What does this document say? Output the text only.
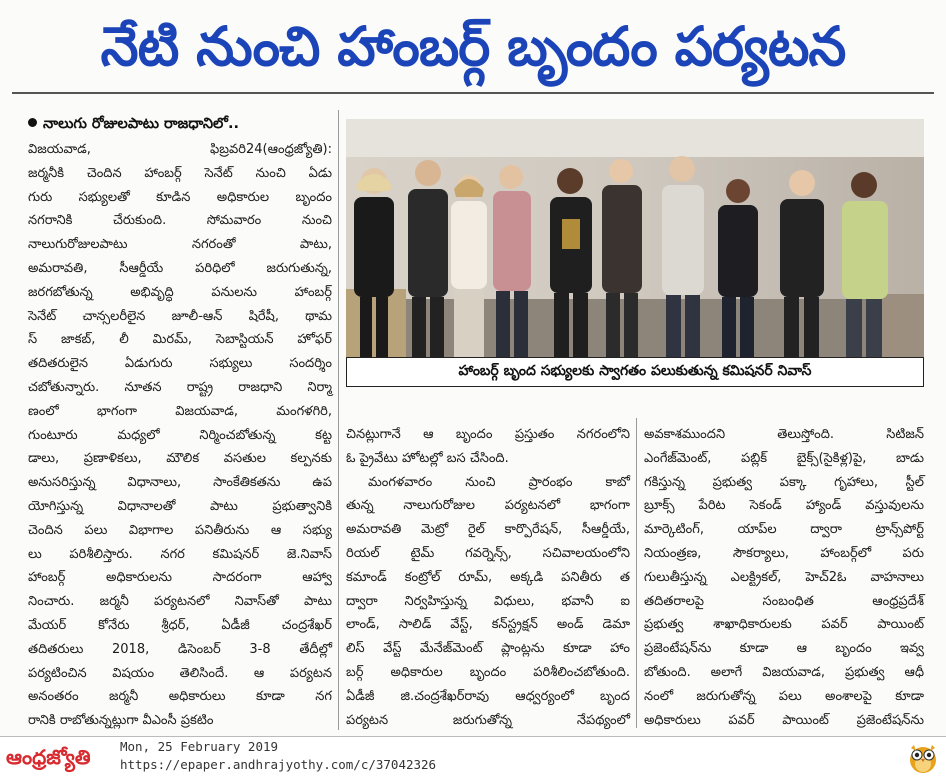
నేటి నుంచి హాంబర్గ్ బృందం పర్యటన
నాలుగు రోజులపాటు రాజధానిలో..
విజయవాడ, ఫిబ్రవరి24(ఆంధ్రజ్యోతి):
జర్మనీకి చెందిన హాంబర్గ్ సెనేట్ నుంచి ఏడు
గురు సభ్యులతో కూడిన అధికారుల బృందం
నగరానికి చేరుకుంది. సోమవారం నుంచి
నాలుగురోజులపాటు నగరంతో పాటు,
అమరావతి, సీఆర్డీయే పరిధిలో జరుగుతున్న,
జరగబోతున్న అభివృద్ధి పనులను హాంబర్గ్
సెనేట్ చాన్సలరీలైన జూలీ-ఆన్ షిరేషీ, థామ
స్ జాకబ్, లీ మిరమ్, సెబాస్టియన్ హోఫర్
తదితరులైన ఏడుగురు సభ్యులు సందర్శిం
చబోతున్నారు. నూతన రాష్ట్ర రాజధాని నిర్మా
ణంలో భాగంగా విజయవాడ, మంగళగిరి,
గుంటూరు మధ్యలో నిర్మించబోతున్న కట్ట
డాలు, ప్రణాళికలు, మౌలిక వసతుల కల్పనకు
అనుసరిస్తున్న విధానాలు, సాంకేతికతను ఉప
యోగిస్తున్న విధానాలతో పాటు ప్రభుత్వానికి
చెందిన పలు విభాగాల పనితీరును ఆ సభ్యు
లు పరిశీలిస్తారు. నగర కమిషనర్ జె.నివాస్
హాంబర్గ్ అధికారులను సాదరంగా ఆహ్వా
నించారు. జర్మనీ పర్యటనలో నివాస్‌తో పాటు
మేయర్ కోనేరు శ్రీధర్, ఏడీజీ చంద్రశేఖర్
తదితరులు 2018, డిసెంబర్ 3-8 తేదీల్లో
పర్యటించిన విషయం తెలిసిందే. ఆ పర్యటన
అనంతరం జర్మనీ అధికారులు కూడా నగ
రానికి రాబోతున్నట్లుగా వీఎంసీ ప్రకటిం
హాంబర్గ్ బృంద సభ్యులకు స్వాగతం పలుకుతున్న కమిషనర్ నివాస్
చినట్లుగానే ఆ బృందం ప్రస్తుతం నగరంలోని
ఓ ప్రైవేటు హోటల్లో బస చేసింది.
మంగళవారం నుంచి ప్రారంభం కాబో
తున్న నాలుగురోజుల పర్యటనలో భాగంగా
అమరావతి మెట్రో రైల్ కార్పొరేషన్, సీఆర్డీయే,
రియల్ టైమ్ గవర్నెన్స్, సచివాలయంలోని
కమాండ్ కంట్రోల్ రూమ్, అక్కడి పనితీరు త
ద్వారా నిర్వహిస్తున్న విధులు, భవానీ ఐ
లాండ్, సాలిడ్ వేస్ట్, కన్‌స్ట్రక్షన్ అండ్ డెమా
లిస్ వేస్ట్ మేనేజ్‌మెంట్ ప్లాంట్లను కూడా హాం
బర్గ్ అధికారుల బృందం పరిశీలించబోతుంది.
ఏడీజీ జి.చంద్రశేఖర్‌రావు ఆధ్వర్యంలో బృంద
పర్యటన జరుగుతోన్న నేపథ్యంలో
అవకాశముందని తెలుస్తోంది. సిటిజన్
ఎంగేజ్‌మెంట్, పబ్లిక్ బైక్స్(సైకిళ్ల)పై, బాడు
గకిస్తున్న ప్రభుత్వ పక్కా గృహాలు, స్టీల్
బ్రూక్స్ పేరిట సెకండ్ హ్యాండ్ వస్తువులను
మార్కెటింగ్, యాప్‌ల ద్వారా ట్రాన్స్‌పోర్ట్
నియంత్రణ, సౌకర్యాలు, హాంబర్గ్‌లో పరు
గులుతీస్తున్న ఎలక్ట్రికల్, హెచ్2ఓ వాహనాలు
తదితరాలపై సంబంధిత ఆంధ్రప్రదేశ్
ప్రభుత్వ శాఖాధికారులకు పవర్ పాయింట్
ప్రజెంటేషన్‌ను కూడా ఆ బృందం ఇవ్వ
బోతుంది. అలాగే విజయవాడ, ప్రభుత్వ ఆధీ
నంలో జరుగుతోన్న పలు అంశాలపై కూడా
అధికారులు పవర్ పాయింట్ ప్రజెంటేషన్‌ను
ఆంధ్రజ్యోతి	Mon, 25 February 2019
https://epaper.andhrajyothy.com/c/37042326
